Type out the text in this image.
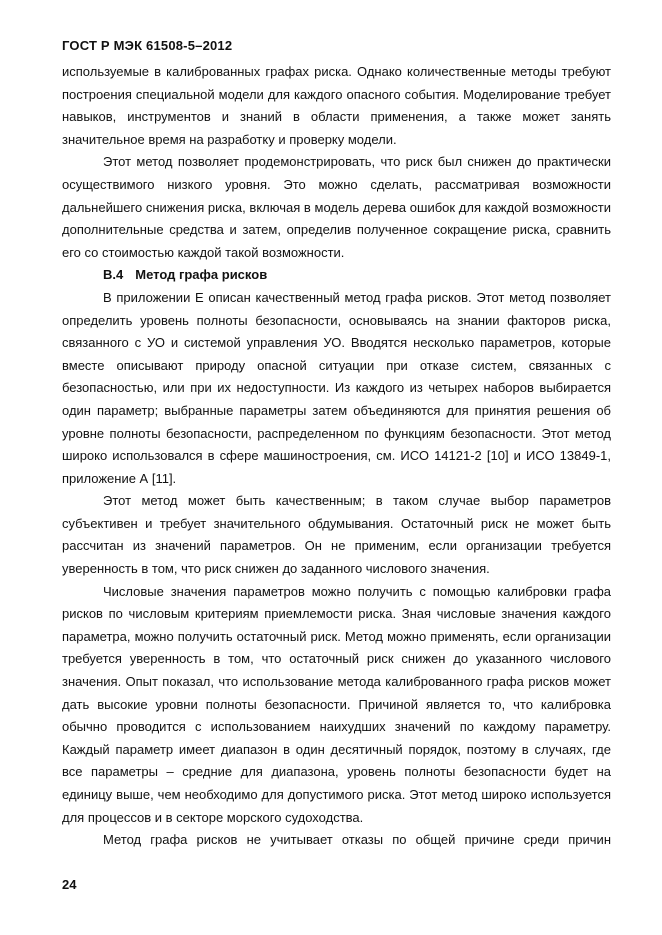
ГОСТ Р МЭК 61508-5–2012

используемые в калиброванных графах риска. Однако количественные методы требуют построения специальной модели для каждого опасного события. Моделирование требует навыков, инструментов и знаний в области применения, а также может занять значительное время на разработку и проверку модели.

Этот метод позволяет продемонстрировать, что риск был снижен до практически осуществимого низкого уровня. Это можно сделать, рассматривая возможности дальнейшего снижения риска, включая в модель дерева ошибок для каждой возможности дополнительные средства и затем, определив полученное сокращение риска, сравнить его со стоимостью каждой такой возможности.

В.4 Метод графа рисков

В приложении Е описан качественный метод графа рисков. Этот метод позволяет определить уровень полноты безопасности, основываясь на знании факторов риска, связанного с УО и системой управления УО. Вводятся несколько параметров, которые вместе описывают природу опасной ситуации при отказе систем, связанных с безопасностью, или при их недоступности. Из каждого из четырех наборов выбирается один параметр; выбранные параметры затем объединяются для принятия решения об уровне полноты безопасности, распределенном по функциям безопасности. Этот метод широко использовался в сфере машиностроения, см. ИСО 14121-2 [10] и ИСО 13849-1, приложение А [11].

Этот метод может быть качественным; в таком случае выбор параметров субъективен и требует значительного обдумывания. Остаточный риск не может быть рассчитан из значений параметров. Он не применим, если организации требуется уверенность в том, что риск снижен до заданного числового значения.

Числовые значения параметров можно получить с помощью калибровки графа рисков по числовым критериям приемлемости риска. Зная числовые значения каждого параметра, можно получить остаточный риск. Метод можно применять, если организации требуется уверенность в том, что остаточный риск снижен до указанного числового значения. Опыт показал, что использование метода калиброванного графа рисков может дать высокие уровни полноты безопасности. Причиной является то, что калибровка обычно проводится с использованием наихудших значений по каждому параметру. Каждый параметр имеет диапазон в один десятичный порядок, поэтому в случаях, где все параметры – средние для диапазона, уровень полноты безопасности будет на единицу выше, чем необходимо для допустимого риска. Этот метод широко используется для процессов и в секторе морского судоходства.

Метод графа рисков не учитывает отказы по общей причине среди причин

24
